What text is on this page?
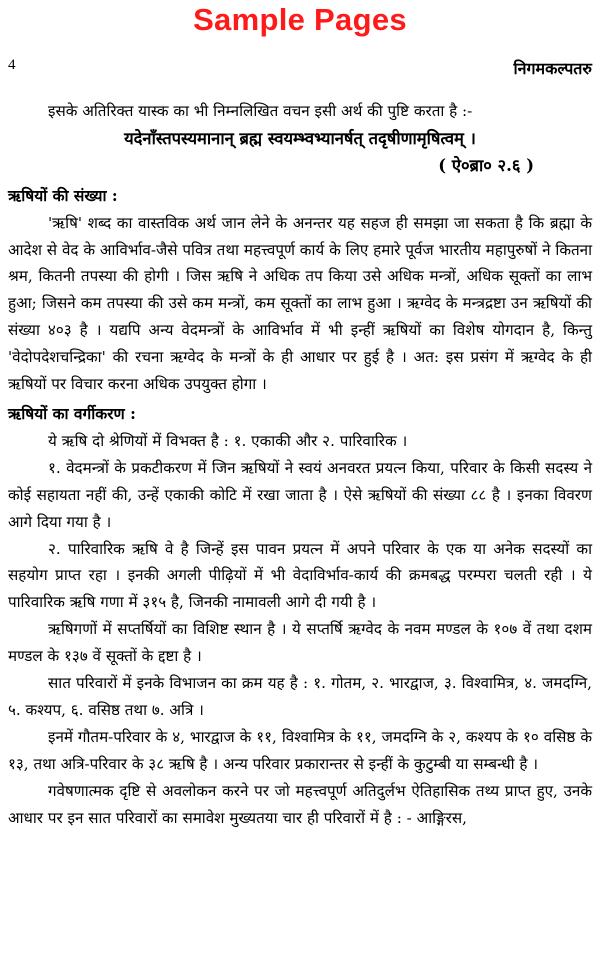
Sample Pages
4	निगमकल्पतरु

इसके अतिरिक्त यास्क का भी निम्नलिखित वचन इसी अर्थ की पुष्टि करता है :-

यदेनाँस्तपस्यमानान् ब्रह्म स्वयम्भ्वभ्यानर्षत् तदृषीणामृषित्वम् ।

( ऐ०ब्रा० २.६ )

ऋषियों की संख्या :

'ऋषि' शब्द का वास्तविक अर्थ जान लेने के अनन्तर यह सहज ही समझा जा सकता है कि ब्रह्मा के आदेश से वेद के आविर्भाव-जैसे पवित्र तथा महत्त्वपूर्ण कार्य के लिए हमारे पूर्वज भारतीय महापुरुषों ने कितना श्रम, कितनी तपस्या की होगी । जिस ऋषि ने अधिक तप किया उसे अधिक मन्त्रों, अधिक सूक्तों का लाभ हुआ; जिसने कम तपस्या की उसे कम मन्त्रों, कम सूक्तों का लाभ हुआ । ऋग्वेद के मन्त्रद्रष्टा उन ऋषियों की संख्या ४०३ है । यद्यपि अन्य वेदमन्त्रों के आविर्भाव में भी इन्हीं ऋषियों का विशेष योगदान है, किन्तु 'वेदोपदेशचन्द्रिका' की रचना ऋग्वेद के मन्त्रों के ही आधार पर हुई है । अत: इस प्रसंग में ऋग्वेद के ही ऋषियों पर विचार करना अधिक उपयुक्त होगा ।

ऋषियों का वर्गीकरण :

ये ऋषि दो श्रेणियों में विभक्त है : १. एकाकी और २. पारिवारिक ।

१. वेदमन्त्रों के प्रकटीकरण में जिन ऋषियों ने स्वयं अनवरत प्रयत्न किया, परिवार के किसी सदस्य ने कोई सहायता नहीं की, उन्हें एकाकी कोटि में रखा जाता है । ऐसे ऋषियों की संख्या ८८ है । इनका विवरण आगे दिया गया है ।

२. पारिवारिक ऋषि वे है जिन्हें इस पावन प्रयत्न में अपने परिवार के एक या अनेक सदस्यों का सहयोग प्राप्त रहा । इनकी अगली पीढ़ियों में भी वेदाविर्भाव-कार्य की क्रमबद्ध परम्परा चलती रही । ये पारिवारिक ऋषि गणा में ३१५ है, जिनकी नामावली आगे दी गयी है ।

ऋषिगणों में सप्तर्षियों का विशिष्ट स्थान है । ये सप्तर्षि ऋग्वेद के नवम मण्डल के १०७ वें तथा दशम मण्डल के १३७ वें सूक्तों के द्दष्टा है ।

सात परिवारों में इनके विभाजन का क्रम यह है : १. गोतम, २. भारद्वाज, ३. विश्वामित्र, ४. जमदग्नि, ५. कश्यप, ६. वसिष्ठ तथा ७. अत्रि ।

इनमें गौतम-परिवार के ४, भारद्वाज के ११, विश्वामित्र के ११, जमदग्नि के २, कश्यप के १० वसिष्ठ के १३, तथा अत्रि-परिवार के ३८ ऋषि है । अन्य परिवार प्रकारान्तर से इन्हीं के कुटुम्बी या सम्बन्धी है ।

गवेषणात्मक दृष्टि से अवलोकन करने पर जो महत्त्वपूर्ण अतिदुर्लभ ऐतिहासिक तथ्य प्राप्त हुए, उनके आधार पर इन सात परिवारों का समावेश मुख्यतया चार ही परिवारों में है : - आङ्गिरस,
